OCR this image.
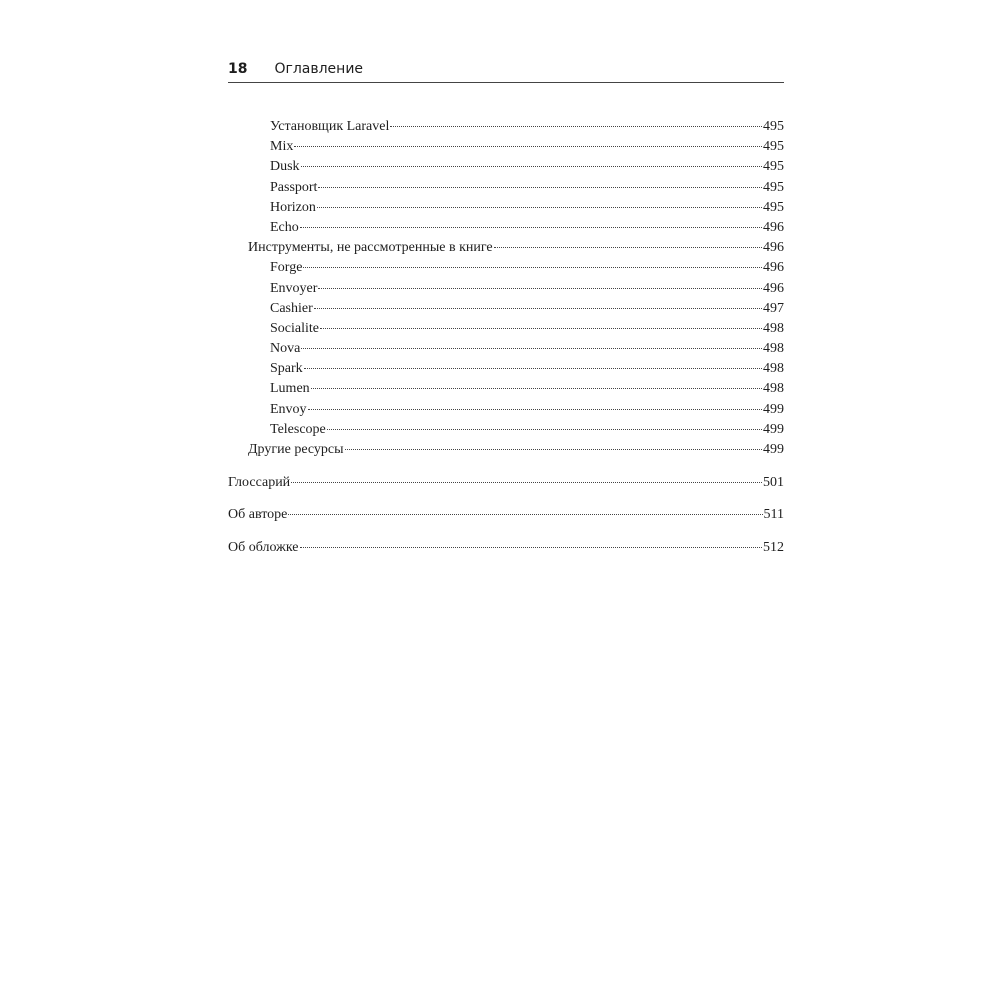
18 Оглавление
Установщик Laravel	495
Mix	495
Dusk	495
Passport	495
Horizon	495
Echo	496
Инструменты, не рассмотренные в книге	496
Forge	496
Envoyer	496
Cashier	497
Socialite	498
Nova	498
Spark	498
Lumen	498
Envoy	499
Telescope	499
Другие ресурсы	499
Глоссарий	501
Об авторе	511
Об обложке	512
